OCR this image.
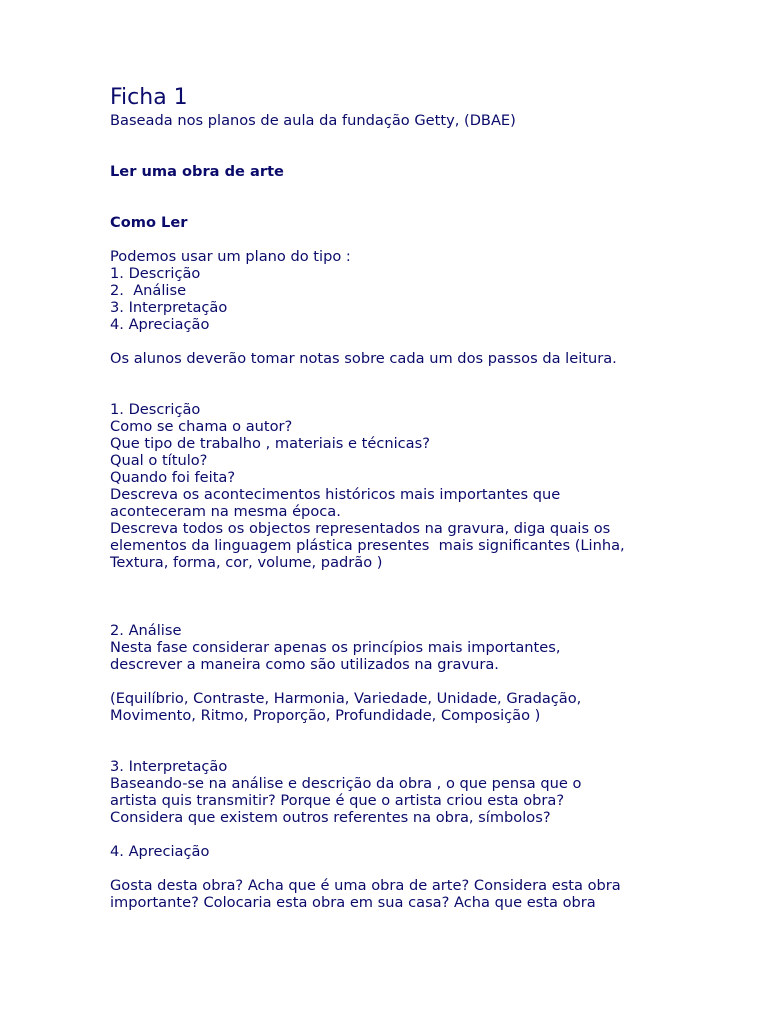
Ficha 1

Baseada nos planos de aula da fundação Getty, (DBAE)

Ler uma obra de arte

Como Ler

Podemos usar um plano do tipo :

1. Descrição

2.  Análise

3. Interpretação

4. Apreciação

Os alunos deverão tomar notas sobre cada um dos passos da leitura.

1. Descrição

Como se chama o autor?

Que tipo de trabalho , materiais e técnicas?

Qual o título?

Quando foi feita?

Descreva os acontecimentos históricos mais importantes que

aconteceram na mesma época.

Descreva todos os objectos representados na gravura, diga quais os

elementos da linguagem plástica presentes  mais significantes (Linha,

Textura, forma, cor, volume, padrão )

2. Análise

Nesta fase considerar apenas os princípios mais importantes,

descrever a maneira como são utilizados na gravura.

(Equilíbrio, Contraste, Harmonia, Variedade, Unidade, Gradação,

Movimento, Ritmo, Proporção, Profundidade, Composição )

3. Interpretação

Baseando-se na análise e descrição da obra , o que pensa que o

artista quis transmitir? Porque é que o artista criou esta obra?

Considera que existem outros referentes na obra, símbolos?

4. Apreciação

Gosta desta obra? Acha que é uma obra de arte? Considera esta obra

importante? Colocaria esta obra em sua casa? Acha que esta obra
